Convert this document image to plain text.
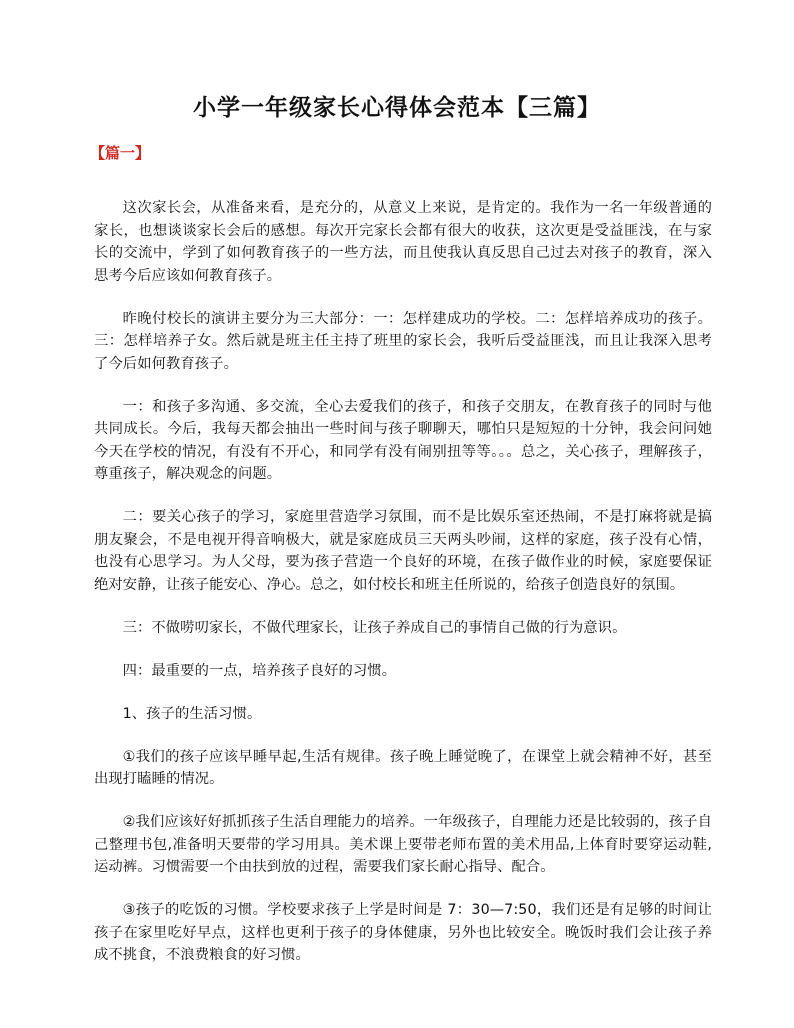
小学一年级家长心得体会范本【三篇】
【篇一】

这次家长会，从准备来看，是充分的，从意义上来说，是肯定的。我作为一名一年级普通的家长，也想谈谈家长会后的感想。每次开完家长会都有很大的收获，这次更是受益匪浅，在与家长的交流中，学到了如何教育孩子的一些方法，而且使我认真反思自己过去对孩子的教育，深入思考今后应该如何教育孩子。

昨晚付校长的演讲主要分为三大部分：一：怎样建成功的学校。二：怎样培养成功的孩子。三：怎样培养子女。然后就是班主任主持了班里的家长会，我听后受益匪浅，而且让我深入思考了今后如何教育孩子。

一：和孩子多沟通、多交流，全心去爱我们的孩子，和孩子交朋友，在教育孩子的同时与他共同成长。今后，我每天都会抽出一些时间与孩子聊聊天，哪怕只是短短的十分钟，我会问问她今天在学校的情况，有没有不开心，和同学有没有闹别扭等等。。。总之，关心孩子，理解孩子，尊重孩子，解决观念的问题。

二：要关心孩子的学习，家庭里营造学习氛围，而不是比娱乐室还热闹，不是打麻将就是搞朋友聚会，不是电视开得音响极大，就是家庭成员三天两头吵闹，这样的家庭，孩子没有心情，也没有心思学习。为人父母，要为孩子营造一个良好的环境，在孩子做作业的时候，家庭要保证绝对安静，让孩子能安心、净心。总之，如付校长和班主任所说的，给孩子创造良好的氛围。

三：不做唠叨家长，不做代理家长，让孩子养成自己的事情自己做的行为意识。

四：最重要的一点，培养孩子良好的习惯。

1、孩子的生活习惯。

①我们的孩子应该早睡早起,生活有规律。孩子晚上睡觉晚了，在课堂上就会精神不好，甚至出现打瞌睡的情况。

②我们应该好好抓抓孩子生活自理能力的培养。一年级孩子，自理能力还是比较弱的，孩子自己整理书包,准备明天要带的学习用具。美术课上要带老师布置的美术用品,上体育时要穿运动鞋,运动裤。习惯需要一个由扶到放的过程，需要我们家长耐心指导、配合。

③孩子的吃饭的习惯。学校要求孩子上学是时间是 7：30—7:50，我们还是有足够的时间让孩子在家里吃好早点，这样也更利于孩子的身体健康，另外也比较安全。晚饭时我们会让孩子养成不挑食，不浪费粮食的好习惯。
